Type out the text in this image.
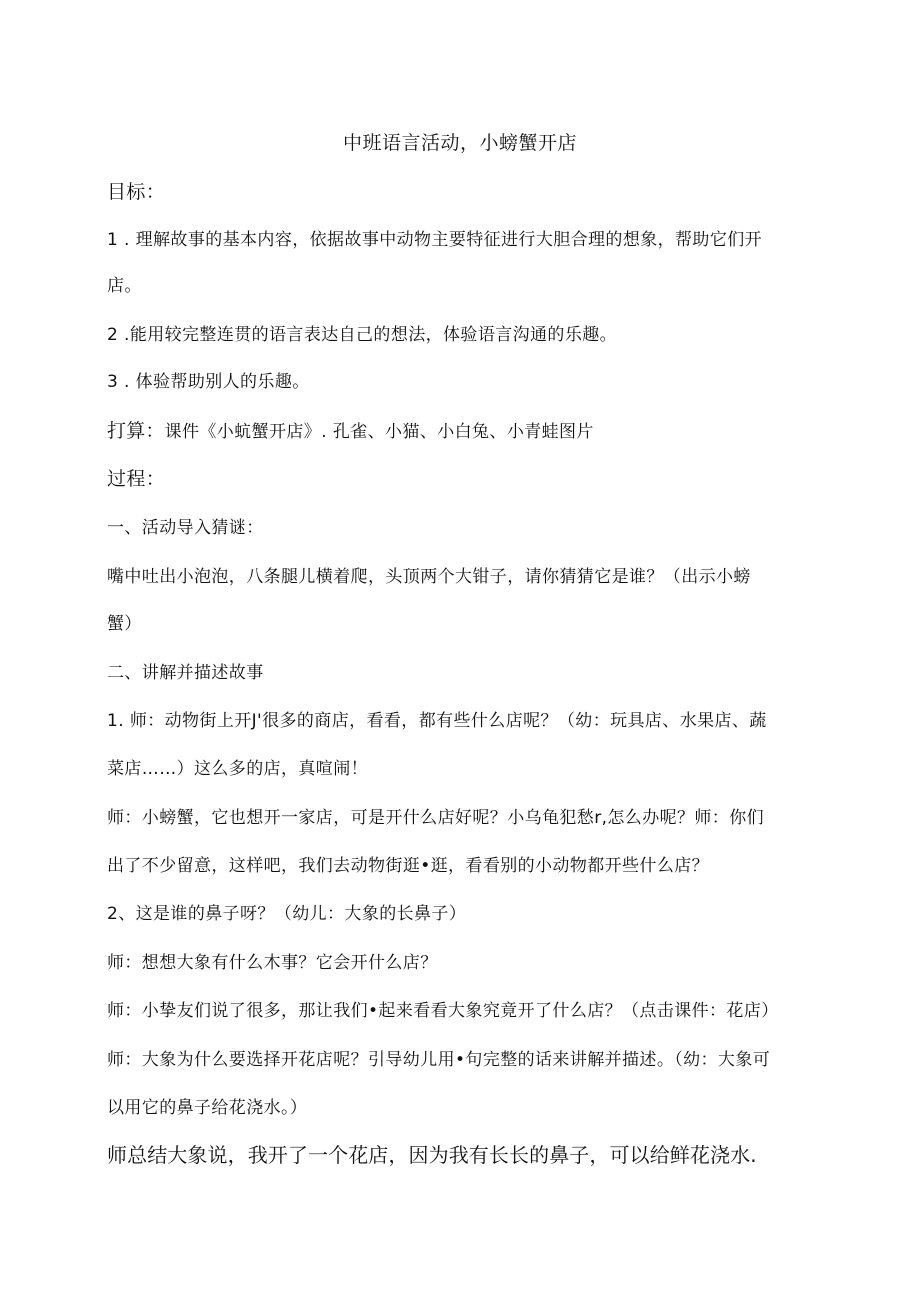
中班语言活动，小螃蟹开店
目标：
1 . 理解故事的基本内容，依据故事中动物主要特征进行大胆合理的想象，帮助它们开
店。
2 .能用较完整连贯的语言表达自己的想法，体验语言沟通的乐趣。
3 . 体验帮助别人的乐趣。
打算：课件《小蚢蟹开店》. 孔雀、小猫、小白兔、小青蛙图片
过程：
一、活动导入猜谜：
嘴中吐出小泡泡，八条腿儿横着爬，头顶两个大钳子，请你猜猜它是谁？（出示小螃
蟹）
二、讲解并描述故事
1. 师：动物街上开J'很多的商店，看看，都有些什么店呢？（幼：玩具店、水果店、蔬
菜店……）这么多的店，真喧闹！
师：小螃蟹，它也想开一家店，可是开什么店好呢？小乌龟犯愁r,怎么办呢？师：你们
出了不少留意，这样吧，我们去动物街逛•逛，看看别的小动物都开些什么店？
2、这是谁的鼻子呀？（幼儿：大象的长鼻子）
师：想想大象有什么木事？它会开什么店？
师：小挚友们说了很多，那让我们•起来看看大象究竟开了什么店？（点击课件：花店）
师：大象为什么要选择开花店呢？引导幼儿用•句完整的话来讲解并描述。（幼：大象可
以用它的鼻子给花浇水。）
师总结大象说，我开了一个花店，因为我有长长的鼻子，可以给鲜花浇水.
